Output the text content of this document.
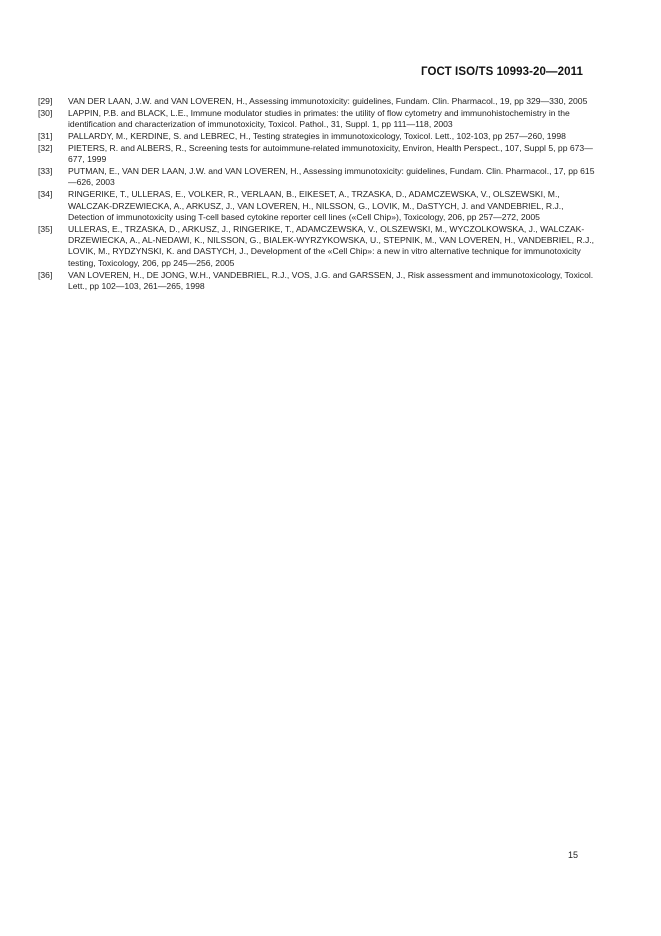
ГОСТ ISO/TS 10993-20—2011
[29] VAN DER LAAN, J.W. and VAN LOVEREN, H., Assessing immunotoxicity: guidelines, Fundam. Clin. Pharmacol., 19, pp 329—330, 2005
[30] LAPPIN, P.B. and BLACK, L.E., Immune modulator studies in primates: the utility of flow cytometry and immunohistochemistry in the identification and characterization of immunotoxicity, Toxicol. Pathol., 31, Suppl. 1, pp 111—118, 2003
[31] PALLARDY, M., KERDINE, S. and LEBREC, H., Testing strategies in immunotoxicology, Toxicol. Lett., 102-103, pp 257—260, 1998
[32] PIETERS, R. and ALBERS, R., Screening tests for autoimmune-related immunotoxicity, Environ, Health Perspect., 107, Suppl 5, pp 673—677, 1999
[33] PUTMAN, E., VAN DER LAAN, J.W. and VAN LOVEREN, H., Assessing immunotoxicity: guidelines, Fundam. Clin. Pharmacol., 17, pp 615—626, 2003
[34] RINGERIKE, T., ULLERAS, E., VOLKER, R., VERLAAN, B., EIKESET, A., TRZASKA, D., ADAMCZEWSKA, V., OLSZEWSKI, M., WALCZAK-DRZEWIECKA, A., ARKUSZ, J., VAN LOVEREN, H., NILSSON, G., LOVIK, M., DaSTYCH, J. and VANDEBRIEL, R.J., Detection of immunotoxicity using T-cell based cytokine reporter cell lines («Cell Chip»), Toxicology, 206, pp 257—272, 2005
[35] ULLERAS, E., TRZASKA, D., ARKUSZ, J., RINGERIKE, T., ADAMCZEWSKA, V., OLSZEWSKI, M., WYCZOLKOWSKA, J., WALCZAK-DRZEWIECKA, A., AL-NEDAWI, K., NILSSON, G., BIALEK-WYRZYKOWSKA, U., STEPNIK, M., VAN LOVEREN, H., VANDEBRIEL, R.J., LOVIK, M., RYDZYNSKI, K. and DASTYCH, J., Development of the «Cell Chip»: a new in vitro alternative technique for immunotoxicity testing, Toxicology, 206, pp 245—256, 2005
[36] VAN LOVEREN, H., DE JONG, W.H., VANDEBRIEL, R.J., VOS, J.G. and GARSSEN, J., Risk assessment and immunotoxicology, Toxicol. Lett., pp 102—103, 261—265, 1998
15
